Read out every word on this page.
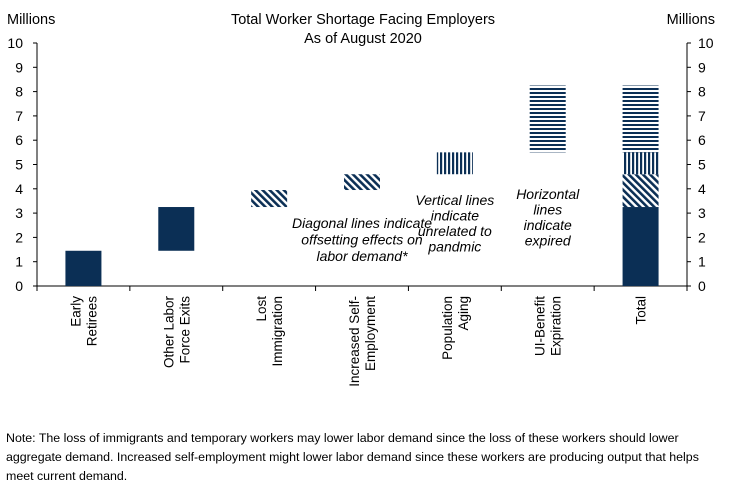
Total Worker Shortage Facing Employers
As of August 2020
Millions	Millions
0
1
2
3
4
5
6
7
8
9
10
0
1
2
3
4
5
6
7
8
9
10
Early Retirees	Other Labor Force Exits	Lost Immigration	Increased Self- Employment	Population Aging	UI-Benefit Expiration	Total
Diagonal lines indicate
offsetting effects on
labor demand*
Vertical lines
indicate
unrelated to
pandmic
Horizontal
lines
indicate
expired
Note: The loss of immigrants and temporary workers may lower labor demand since the loss of these workers should lower aggregate demand. Increased self-employment might lower labor demand since these workers are producing output that helps meet current demand.
